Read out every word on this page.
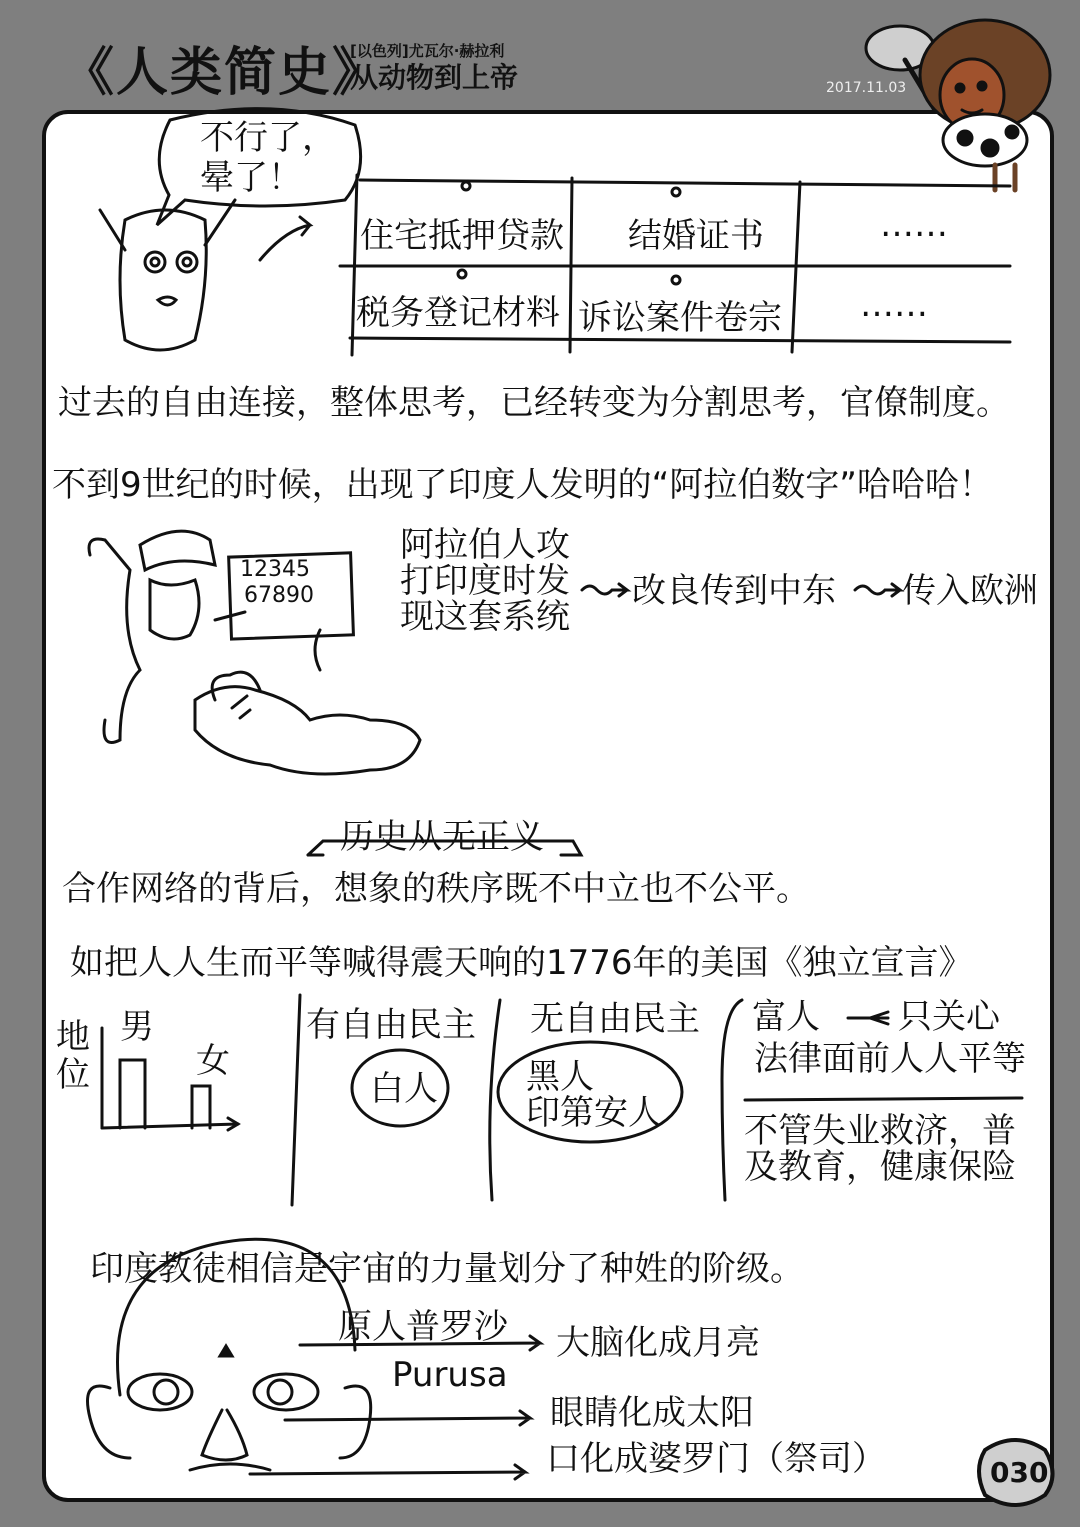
《人类简史》
[以色列]尤瓦尔·赫拉利
从动物到上帝	2017.11.03
不行了，
晕了！
住宅抵押贷款 结婚证书	……
税务登记材料 诉讼案件卷宗 ……
过去的自由连接，整体思考，已经转变为分割思考，官僚制度。
不到9世纪的时候，出现了印度人发明的“阿拉伯数字”哈哈哈！
12345
67890
阿拉伯人攻
打印度时发
现这套系统
改良传到中东 传入欧洲
历史从无正义
合作网络的背后，想象的秩序既不中立也不公平。
如把人人生而平等喊得震天响的1776年的美国《独立宣言》
地
位
男
女
有自由民主
白人
无自由民主
黑人
印第安人
富人 只关心
法律面前人人平等
不管失业救济，普
及教育，健康保险
印度教徒相信是宇宙的力量划分了种姓的阶级。
原人普罗沙
Purusa
大脑化成月亮
眼睛化成太阳
口化成婆罗门（祭司）	030
